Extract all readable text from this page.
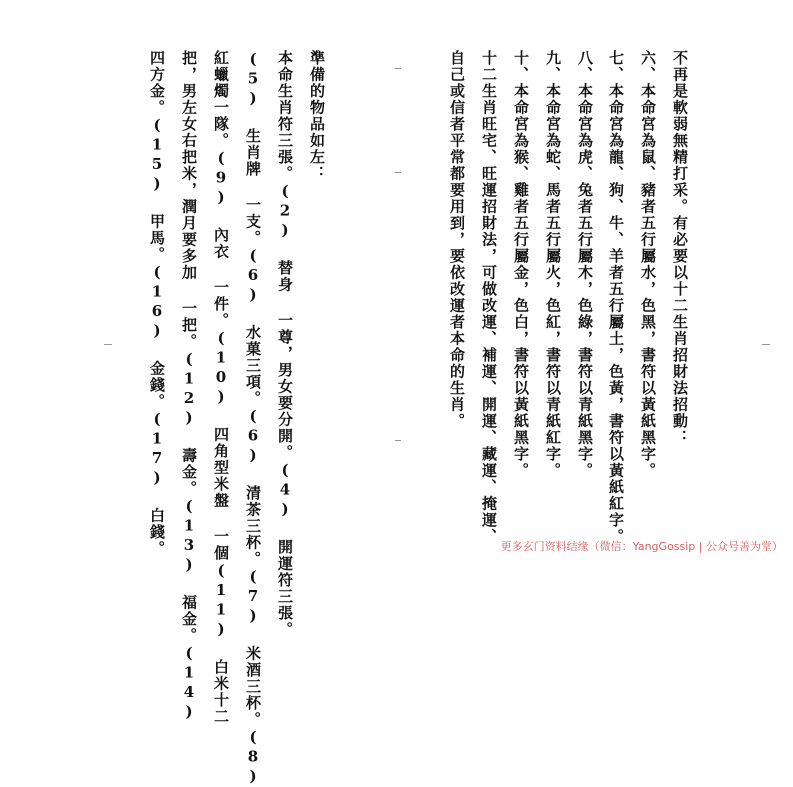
不再是軟弱無精打采。有必要以十二生肖招財法招動：
六、本命宮為鼠、豬者五行屬水，色黑，書符以黃紙黑字。
七、本命宮為龍、狗、牛、羊者五行屬土，色黃，書符以黃紙紅字。
八、本命宮為虎、兔者五行屬木，色綠，書符以青紙黑字。
九、本命宮為蛇、馬者五行屬火，色紅，書符以青紙紅字。
十、本命宮為猴、雞者五行屬金，色白，書符以黃紙黑字。
十二生肖旺宅、旺運招財法，可做改運、補運、開運、藏運、掩運、
自己或信者平常都要用到，要依改運者本命的生肖。
準備的物品如左：
本命生肖符三張。(2) 替身 一尊，男女要分開。(4) 開運符三張。
(5) 生肖牌 一支。(6) 水菓三項。(6) 清茶三杯。(7) 米酒三杯。(8)
紅蠟燭一隊。(9) 內衣 一件。(10) 四角型米盤 一個(11) 白米十二
把，男左女右把米，潤月要多加 一把。(12) 壽金。(13) 福金。(14)
四方金。(15) 甲馬。(16) 金錢。(17) 白錢。	更多玄门资料结缘（微信：YangGossip | 公众号善为堂）
